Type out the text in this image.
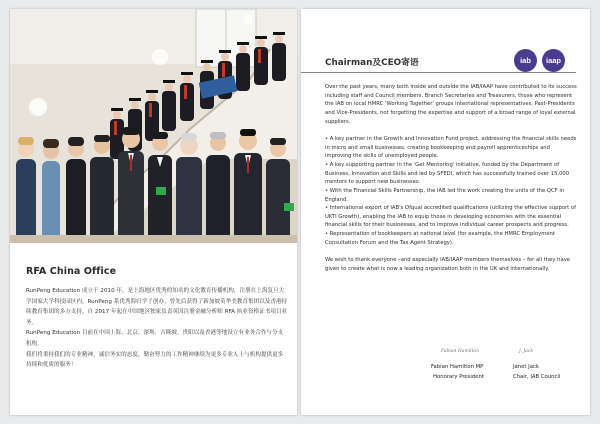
RFA China Office

RunPeng Education 成立于 2010 年，是上海地区优秀的知名的文化教育传播机构，注册在上海复旦大学国家大学科技园区内，RunPeng 系优秀海归学子创办，曾先后获得了新加坡英华美教育集团以及香港持续教育集团的多方支持，自 2017 年起在中国地区独家负责英国注册金融分析师 RFA 执业资格证书项目业务。

RunPeng Education 目前在中国上海、北京、深圳、吉隆坡、贵阳以及香港等地设立有业务合作与分支机构。

我们将秉持我们的专业精神，诚信务实的态度，勤奋努力的工作精神继续为更多专业人士与机构提供更多持续和优质的服务！

Chairman及CEO寄语	iab	iaap

Over the past years, many both inside and outside the IAB/IAAP have contributed to its success including staff and Council members, Branch Secretaries and Treasurers, those who represent the IAB on local HMRC 'Working Together' groups international representatives, Past-Presidents and Vice-Presidents, not forgetting the expertise and support of a broad range of loyal external suppliers.

• A key partner in the Growth and Innovation Fund project, addressing the financial skills needs in micro and small businesses, creating bookkeeping and payroll apprenticeships and improving the skills of unemployed people.

• A key supporting partner in the 'Get Mentoring' initiative, funded by the Department of Business, Innovation and Skills and led by SFEDI, which has successfully trained over 15,000 mentors to support new businesses.

• With the Financial Skills Partnership, the IAB led the work creating the units of the QCF in England.

• International export of IAB's Ofqual accredited qualifications (utilizing the effective support of UKTI Growth), enabling the IAB to equip those in developing economies with the essential financial skills for their businesses, and to improve individual career prospects and progress.

• Representation of bookkeepers at national level (for example, the HMRC Employment Consultation Forum and the Tax Agent Strategy).

We wish to thank everyone –and especially IAB/IAAP members themselves – for all they have given to create what is now a leading organization both in the UK and internationally.

Fabian Hamilton	J. Jack
Fabian Hamilton MP	Janet Jack
Honorary President	Chair, IAB Council
